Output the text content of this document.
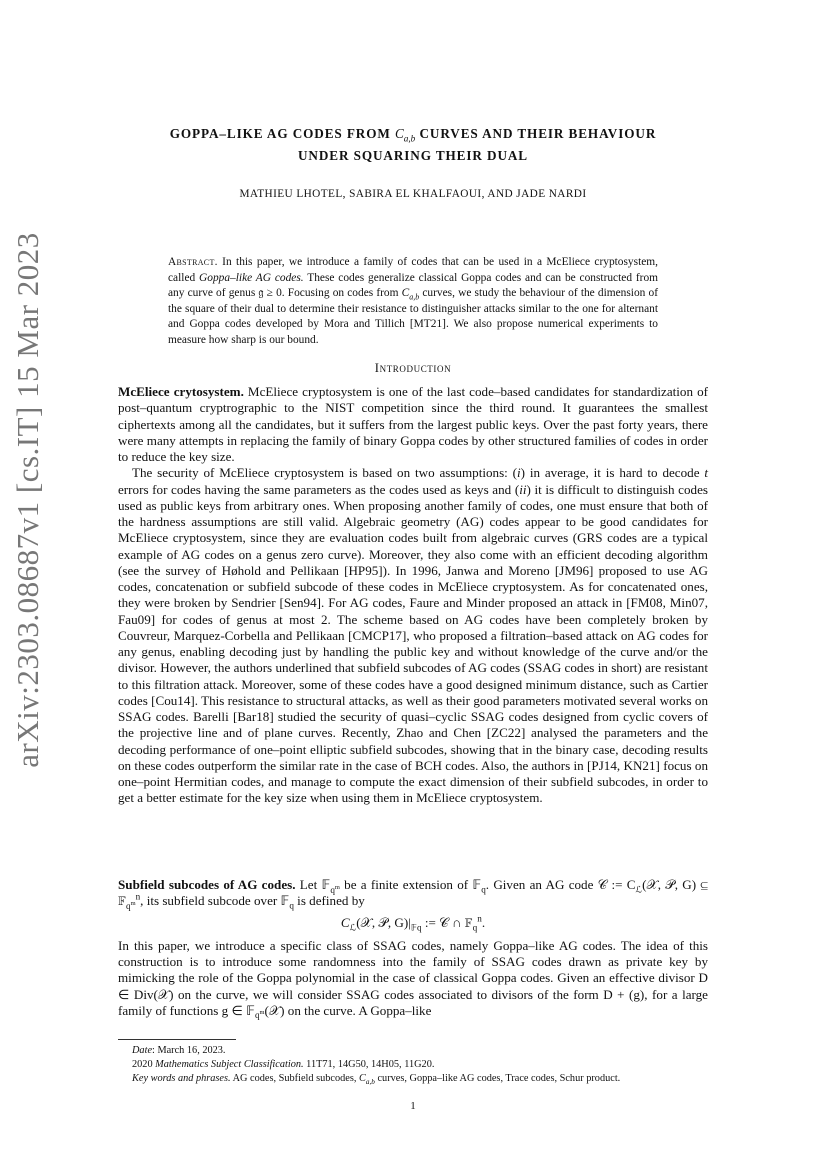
arXiv:2303.08687v1 [cs.IT] 15 Mar 2023
GOPPA–LIKE AG CODES FROM $C_{a,b}$ CURVES AND THEIR BEHAVIOUR
UNDER SQUARING THEIR DUAL
MATHIEU LHOTEL, SABIRA EL KHALFAOUI, AND JADE NARDI
Abstract. In this paper, we introduce a family of codes that can be used in a McEliece cryptosystem, called Goppa–like AG codes. These codes generalize classical Goppa codes and can be constructed from any curve of genus 𝔤 ≥ 0. Focusing on codes from $C_{a,b}$ curves, we study the behaviour of the dimension of the square of their dual to determine their resistance to distinguisher attacks similar to the one for alternant and Goppa codes developed by Mora and Tillich [MT21]. We also propose numerical experiments to measure how sharp is our bound.
Introduction

McEliece crytosystem. McEliece cryptosystem is one of the last code–based candidates for standardization of post–quantum cryptrographic to the NIST competition since the third round. It guarantees the smallest ciphertexts among all the candidates, but it suffers from the largest public keys. Over the past forty years, there were many attempts in replacing the family of binary Goppa codes by other structured families of codes in order to reduce the key size.

The security of McEliece cryptosystem is based on two assumptions: (i) in average, it is hard to decode t errors for codes having the same parameters as the codes used as keys and (ii) it is difficult to distinguish codes used as public keys from arbitrary ones. When proposing another family of codes, one must ensure that both of the hardness assumptions are still valid. Algebraic geometry (AG) codes appear to be good candidates for McEliece cryptosystem, since they are evaluation codes built from algebraic curves (GRS codes are a typical example of AG codes on a genus zero curve). Moreover, they also come with an efficient decoding algorithm (see the survey of Høhold and Pellikaan [HP95]). In 1996, Janwa and Moreno [JM96] proposed to use AG codes, concatenation or subfield subcode of these codes in McEliece cryptosystem. As for concatenated ones, they were broken by Sendrier [Sen94]. For AG codes, Faure and Minder proposed an attack in [FM08, Min07, Fau09] for codes of genus at most 2. The scheme based on AG codes have been completely broken by Couvreur, Marquez-Corbella and Pellikaan [CMCP17], who proposed a filtration–based attack on AG codes for any genus, enabling decoding just by handling the public key and without knowledge of the curve and/or the divisor. However, the authors underlined that subfield subcodes of AG codes (SSAG codes in short) are resistant to this filtration attack. Moreover, some of these codes have a good designed minimum distance, such as Cartier codes [Cou14]. This resistance to structural attacks, as well as their good parameters motivated several works on SSAG codes. Barelli [Bar18] studied the security of quasi–cyclic SSAG codes designed from cyclic covers of the projective line and of plane curves. Recently, Zhao and Chen [ZC22] analysed the parameters and the decoding performance of one–point elliptic subfield subcodes, showing that in the binary case, decoding results on these codes outperform the similar rate in the case of BCH codes. Also, the authors in [PJ14, KN21] focus on one–point Hermitian codes, and manage to compute the exact dimension of their subfield subcodes, in order to get a better estimate for the key size when using them in McEliece cryptosystem.

Subfield subcodes of AG codes. Let 𝔽$_{q^m}$ be a finite extension of 𝔽$_q$. Given an AG code 𝒞 := $C_ℒ(𝒳$, 𝒫, G) ⊆ 𝔽$_{q^m}^n$, its subfield subcode over 𝔽$_q$ is defined by

$C_ℒ(𝒳$, 𝒫, $G)|_{𝔽q}$ := 𝒞 ∩ 𝔽$_q^n$.

In this paper, we introduce a specific class of SSAG codes, namely Goppa–like AG codes. The idea of this construction is to introduce some randomness into the family of SSAG codes drawn as private key by mimicking the role of the Goppa polynomial in the case of classical Goppa codes. Given an effective divisor D ∈ Div(𝒳) on the curve, we will consider SSAG codes associated to divisors of the form D + (g), for a large family of functions g ∈ 𝔽$_{q^m}$(𝒳) on the curve. A Goppa–like

Date: March 16, 2023.

2020 Mathematics Subject Classification. 11T71, 14G50, 14H05, 11G20.

Key words and phrases. AG codes, Subfield subcodes, $C_{a,b}$ curves, Goppa–like AG codes, Trace codes, Schur product.

1
